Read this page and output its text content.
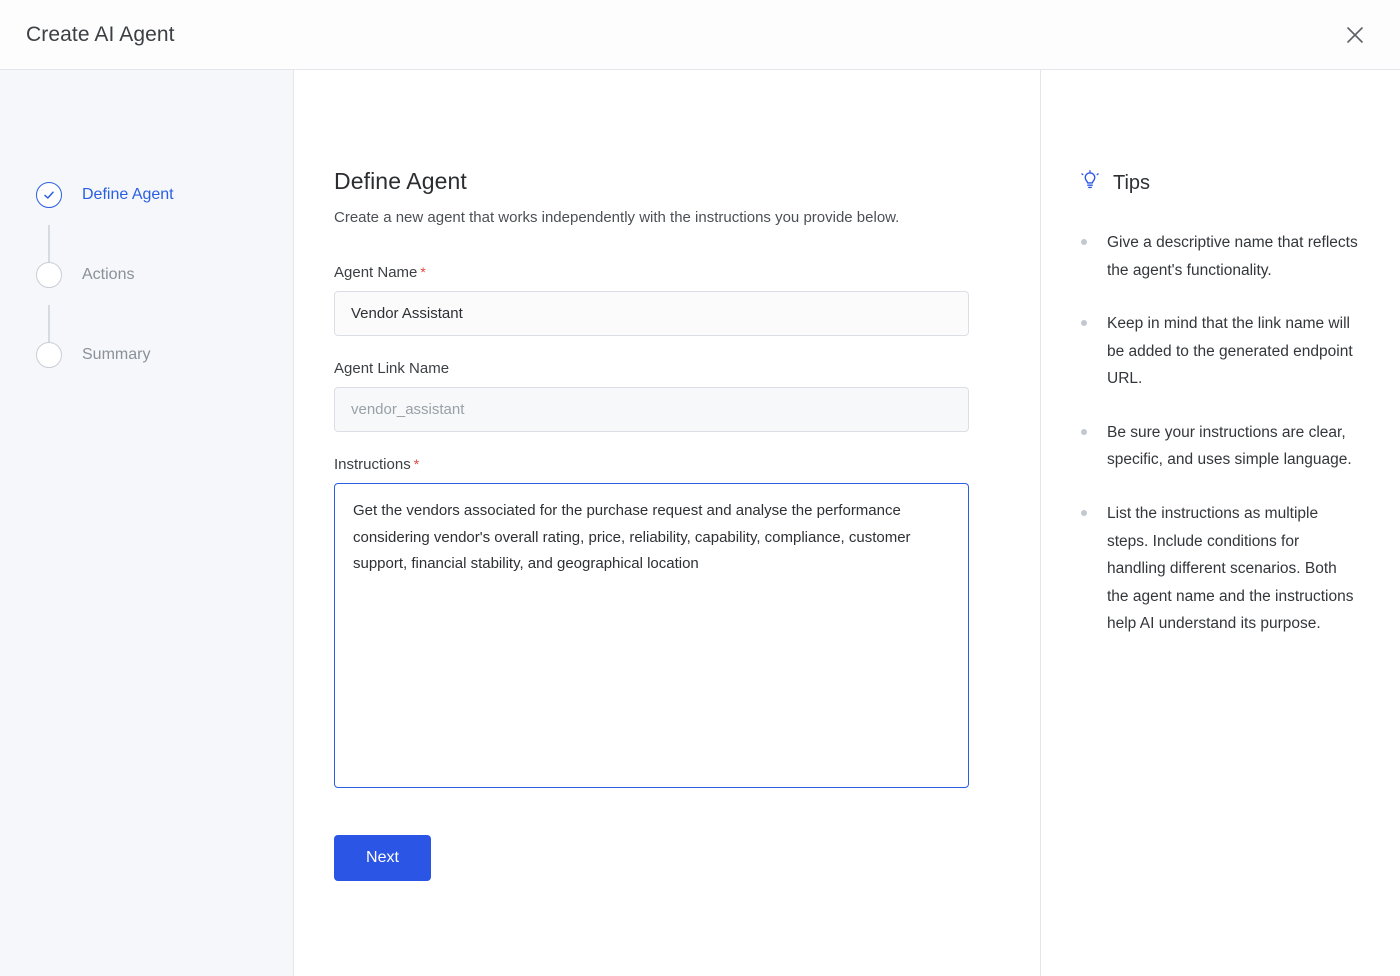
Create AI Agent
Define Agent
Actions
Summary
Define Agent

Create a new agent that works independently with the instructions you provide below.

Agent Name *
Vendor Assistant
Agent Link Name
vendor_assistant
Instructions *
Get the vendors associated for the purchase request and analyse the performance considering vendor's overall rating, price, reliability, capability, compliance, customer support, financial stability, and geographical location
Next
Tips
Give a descriptive name that reflects the agent's functionality.
Keep in mind that the link name will be added to the generated endpoint URL.
Be sure your instructions are clear, specific, and uses simple language.
List the instructions as multiple steps. Include conditions for handling different scenarios. Both the agent name and the instructions help AI understand its purpose.
